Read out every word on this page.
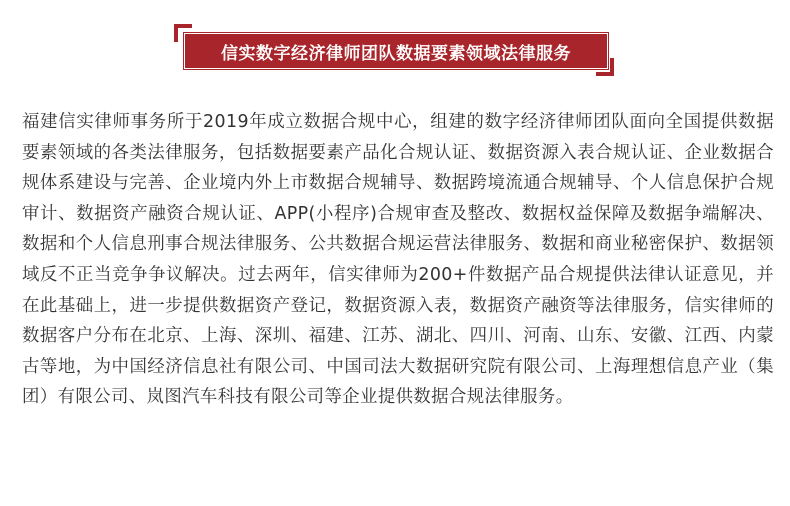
信实数字经济律师团队数据要素领域法律服务

福建信实律师事务所于2019年成立数据合规中心，组建的数字经济律师团队面向全国提供数据要素领域的各类法律服务，包括数据要素产品化合规认证、数据资源入表合规认证、企业数据合规体系建设与完善、企业境内外上市数据合规辅导、数据跨境流通合规辅导、个人信息保护合规审计、数据资产融资合规认证、APP(小程序)合规审查及整改、数据权益保障及数据争端解决、数据和个人信息刑事合规法律服务、公共数据合规运营法律服务、数据和商业秘密保护、数据领域反不正当竞争争议解决。过去两年，信实律师为200+件数据产品合规提供法律认证意见，并在此基础上，进一步提供数据资产登记，数据资源入表，数据资产融资等法律服务，信实律师的数据客户分布在北京、上海、深圳、福建、江苏、湖北、四川、河南、山东、安徽、江西、内蒙古等地，为中国经济信息社有限公司、中国司法大数据研究院有限公司、上海理想信息产业（集团）有限公司、岚图汽车科技有限公司等企业提供数据合规法律服务。
